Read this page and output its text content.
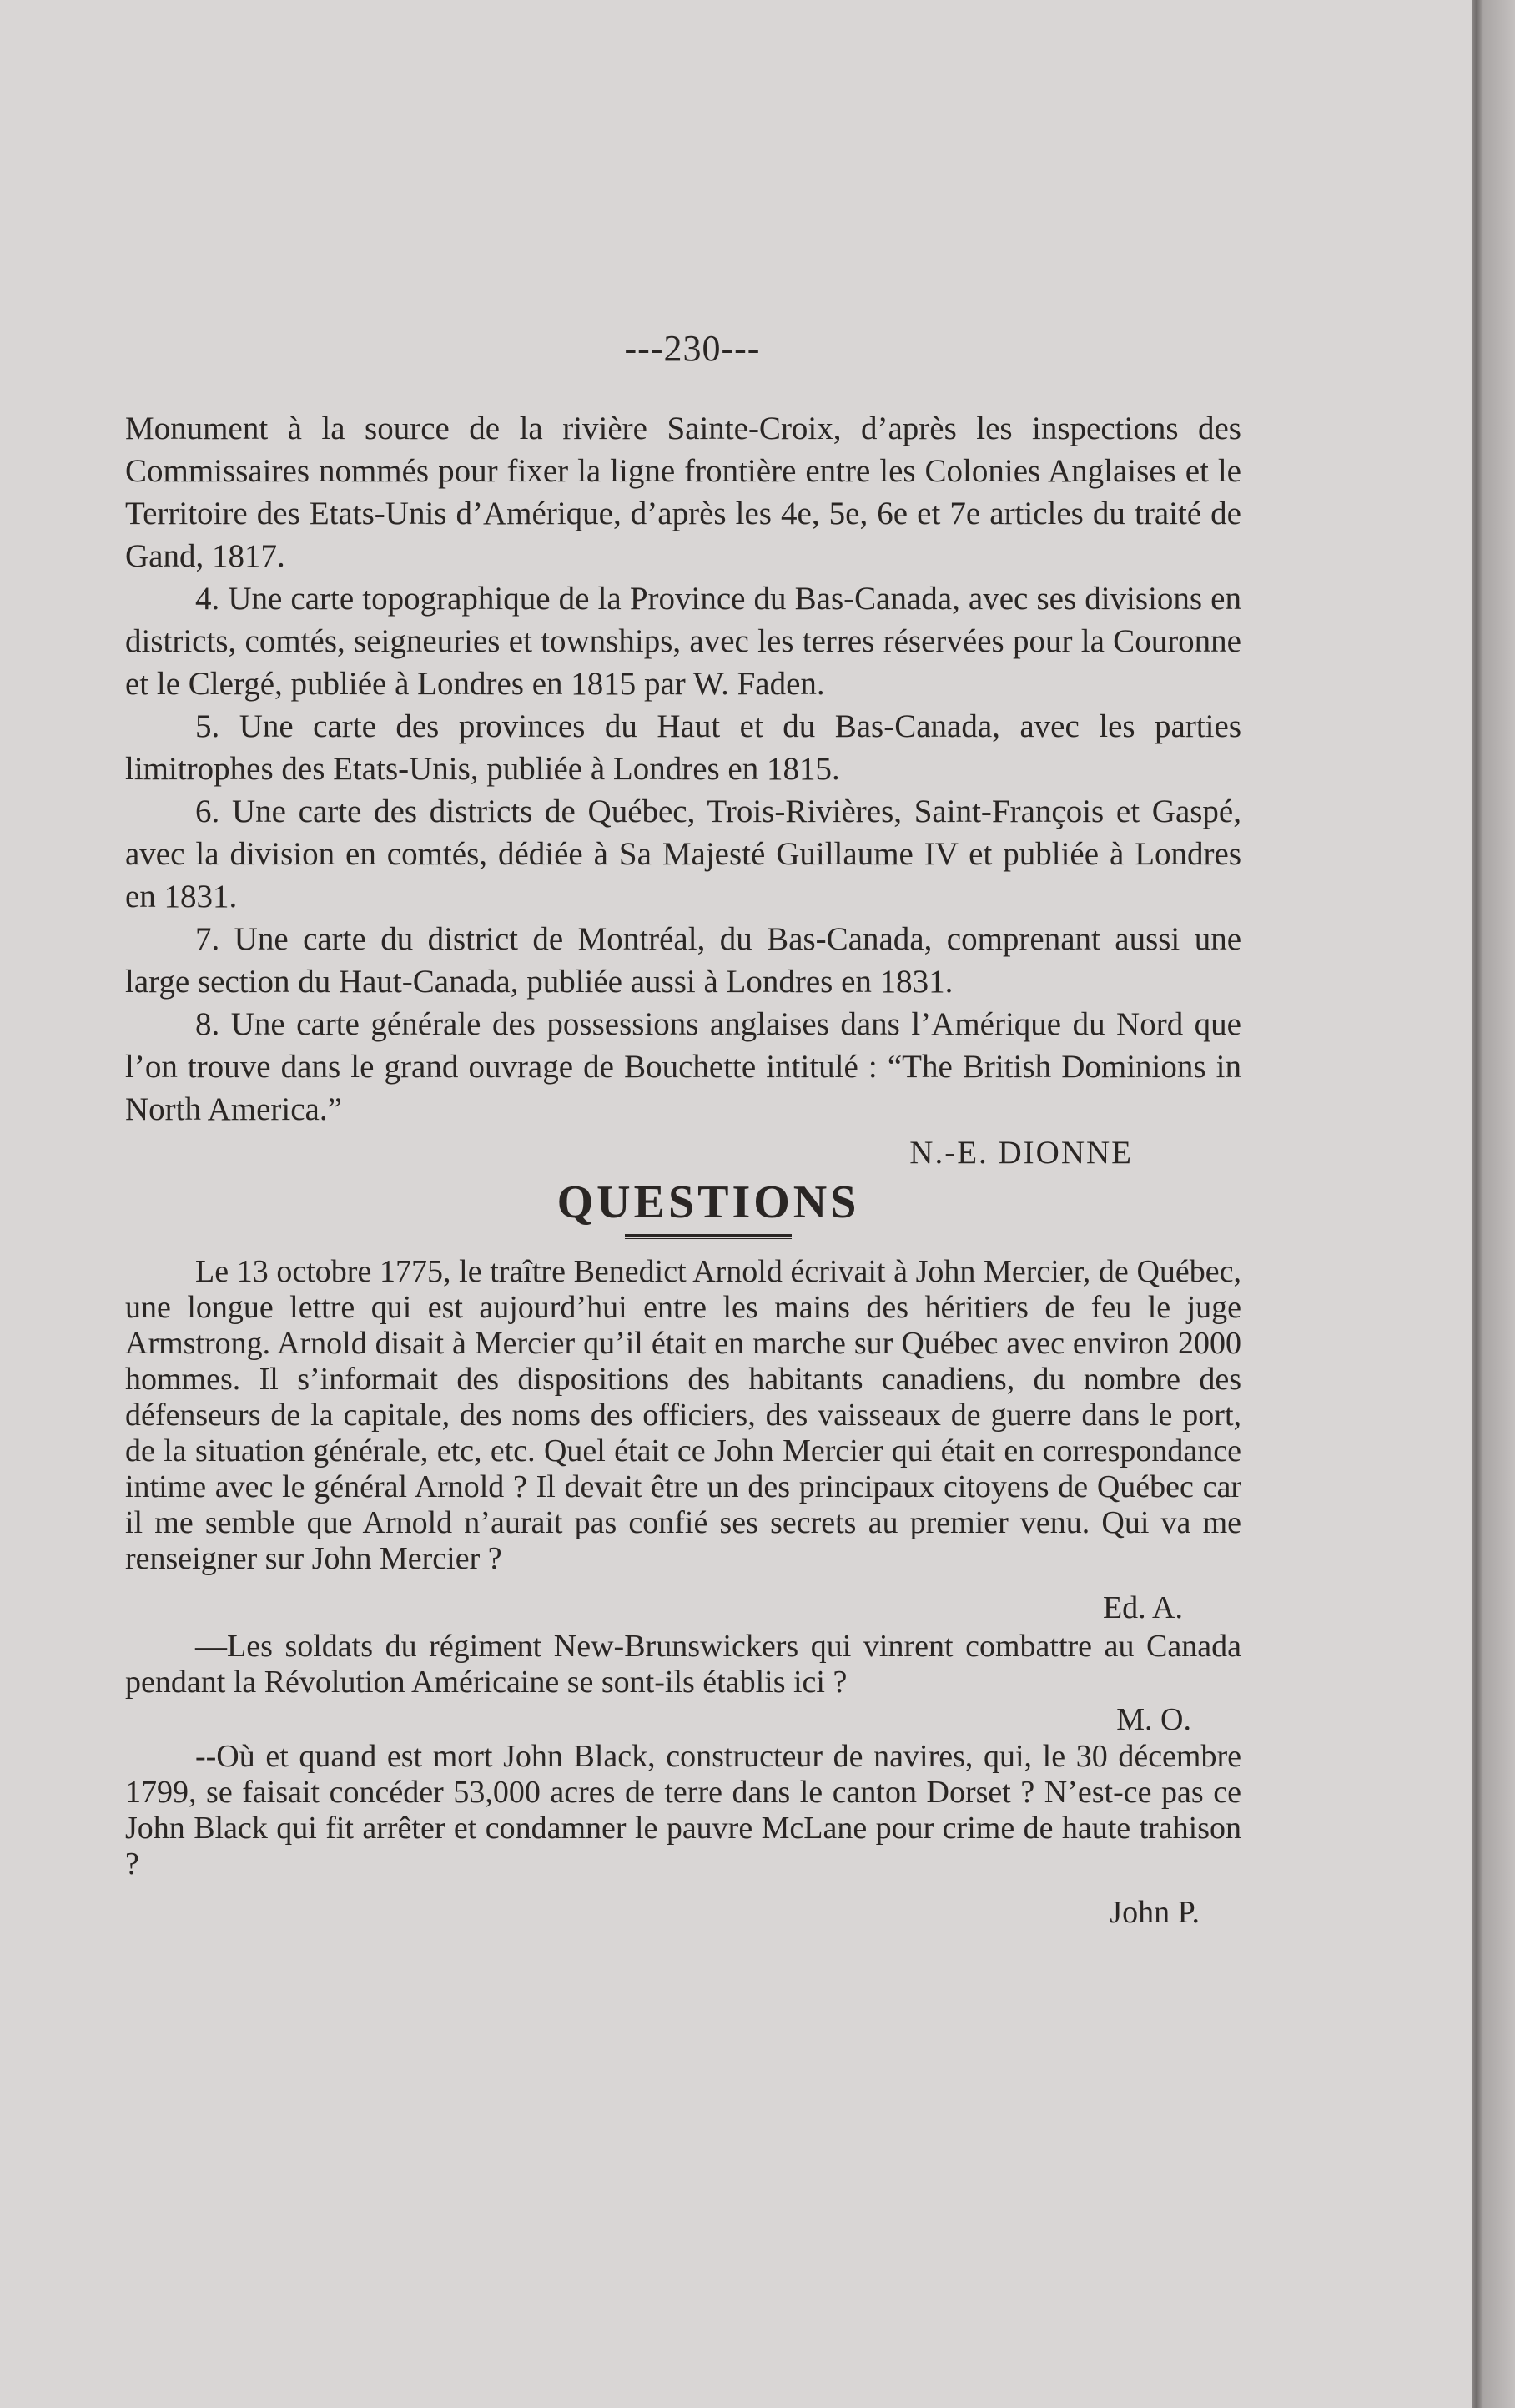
---230---

Monument à la source de la rivière Sainte-Croix, d’après les inspections des Commissaires nommés pour fixer la ligne frontière entre les Colonies Anglaises et le Territoire des Etats-Unis d’Amérique, d’après les 4e, 5e, 6e et 7e articles du traité de Gand, 1817.

4. Une carte topographique de la Province du Bas-Canada, avec ses divisions en districts, comtés, seigneuries et townships, avec les terres réservées pour la Couronne et le Clergé, publiée à Londres en 1815 par W. Faden.

5. Une carte des provinces du Haut et du Bas-Canada, avec les parties limitrophes des Etats-Unis, publiée à Londres en 1815.

6. Une carte des districts de Québec, Trois-Rivières, Saint-François et Gaspé, avec la division en comtés, dédiée à Sa Majesté Guillaume IV et publiée à Londres en 1831.

7. Une carte du district de Montréal, du Bas-Canada, comprenant aussi une large section du Haut-Canada, publiée aussi à Londres en 1831.

8. Une carte générale des possessions anglaises dans l’Amérique du Nord que l’on trouve dans le grand ouvrage de Bouchette intitulé : “The British Dominions in North America.”

N.-E. DIONNE
QUESTIONS

Le 13 octobre 1775, le traître Benedict Arnold écrivait à John Mercier, de Québec, une longue lettre qui est aujourd’hui entre les mains des héritiers de feu le juge Armstrong. Arnold disait à Mercier qu’il était en marche sur Québec avec environ 2000 hommes. Il s’informait des dispositions des habitants canadiens, du nombre des défenseurs de la capitale, des noms des officiers, des vaisseaux de guerre dans le port, de la situation générale, etc, etc. Quel était ce John Mercier qui était en correspondance intime avec le général Arnold ? Il devait être un des principaux citoyens de Québec car il me semble que Arnold n’aurait pas confié ses secrets au premier venu. Qui va me renseigner sur John Mercier ?

Ed. A.

—Les soldats du régiment New-Brunswickers qui vinrent combattre au Canada pendant la Révolution Américaine se sont-ils établis ici ?

M. O.

--Où et quand est mort John Black, constructeur de navires, qui, le 30 décembre 1799, se faisait concéder 53,000 acres de terre dans le canton Dorset ? N’est-ce pas ce John Black qui fit arrêter et condamner le pauvre McLane pour crime de haute trahison ?

John P.
